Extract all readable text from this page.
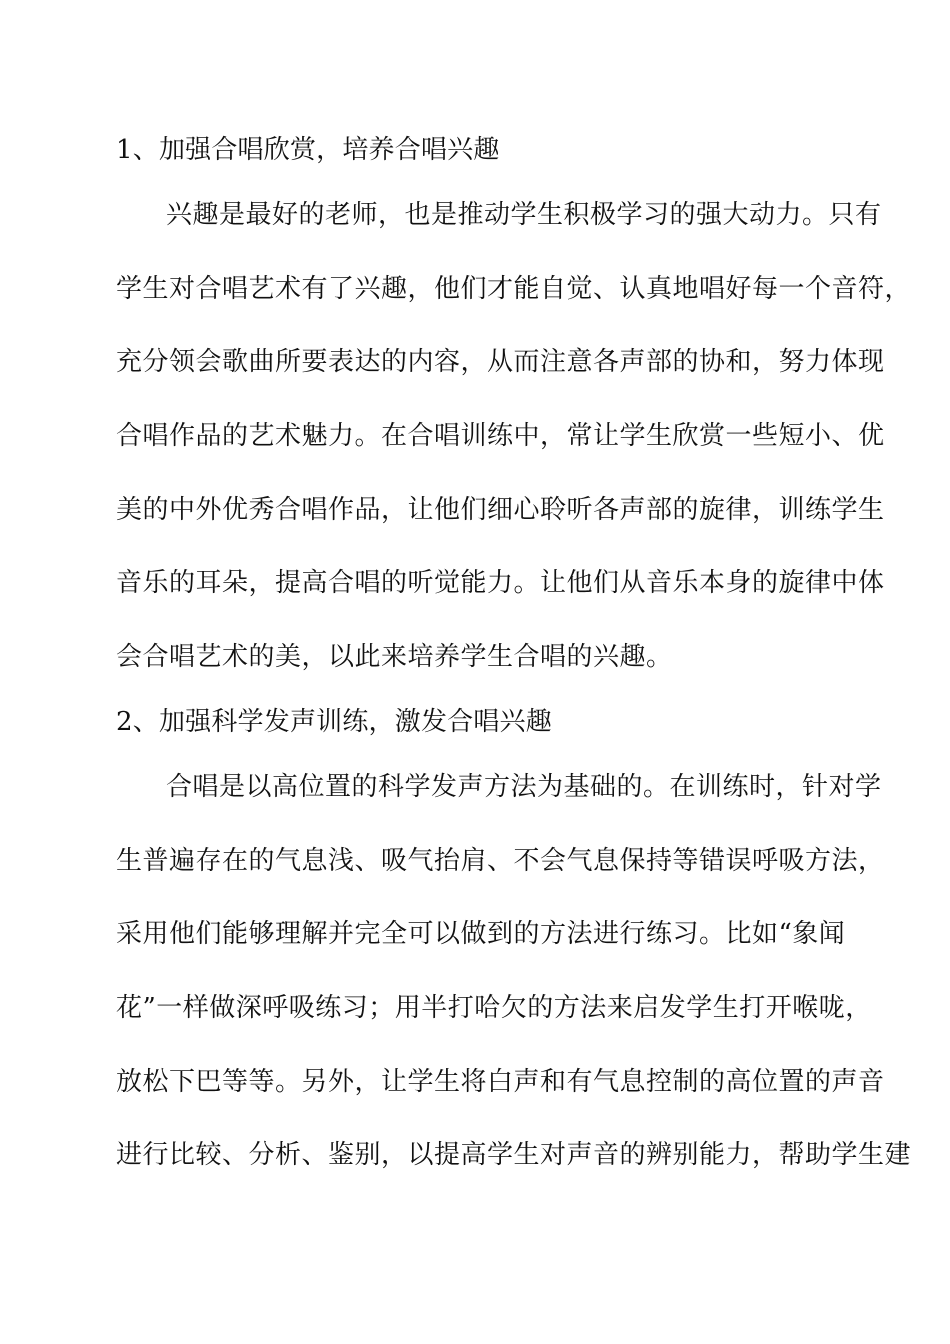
1、加强合唱欣赏，培养合唱兴趣
兴趣是最好的老师，也是推动学生积极学习的强大动力。只有
学生对合唱艺术有了兴趣，他们才能自觉、认真地唱好每一个音符，
充分领会歌曲所要表达的内容，从而注意各声部的协和，努力体现
合唱作品的艺术魅力。在合唱训练中，常让学生欣赏一些短小、优
美的中外优秀合唱作品，让他们细心聆听各声部的旋律，训练学生
音乐的耳朵，提高合唱的听觉能力。让他们从音乐本身的旋律中体
会合唱艺术的美，以此来培养学生合唱的兴趣。
2、加强科学发声训练，激发合唱兴趣
合唱是以高位置的科学发声方法为基础的。在训练时，针对学
生普遍存在的气息浅、吸气抬肩、不会气息保持等错误呼吸方法，
采用他们能够理解并完全可以做到的方法进行练习。比如“象闻
花”一样做深呼吸练习；用半打哈欠的方法来启发学生打开喉咙，
放松下巴等等。另外，让学生将白声和有气息控制的高位置的声音
进行比较、分析、鉴别，以提高学生对声音的辨别能力，帮助学生建
